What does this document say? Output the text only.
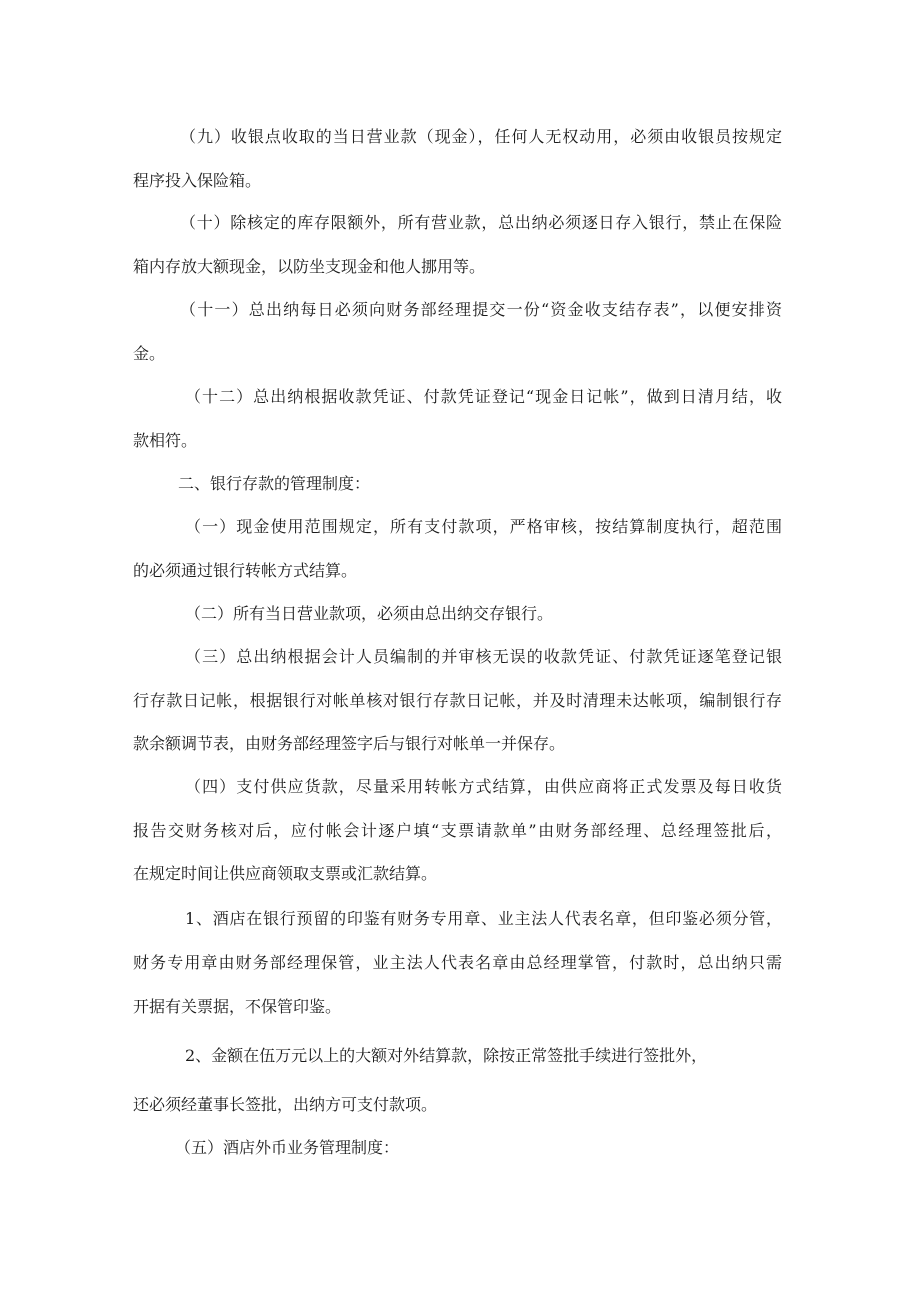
（九）收银点收取的当日营业款（现金），任何人无权动用，必须由收银员按规定
程序投入保险箱。
（十）除核定的库存限额外，所有营业款，总出纳必须逐日存入银行，禁止在保险
箱内存放大额现金，以防坐支现金和他人挪用等。
（十一）总出纳每日必须向财务部经理提交一份“资金收支结存表”，以便安排资
金。
（十二）总出纳根据收款凭证、付款凭证登记“现金日记帐”，做到日清月结，收
款相符。
二、银行存款的管理制度：
（一）现金使用范围规定，所有支付款项，严格审核，按结算制度执行，超范围
的必须通过银行转帐方式结算。
（二）所有当日营业款项，必须由总出纳交存银行。
（三）总出纳根据会计人员编制的并审核无误的收款凭证、付款凭证逐笔登记银
行存款日记帐，根据银行对帐单核对银行存款日记帐，并及时清理未达帐项，编制银行存
款余额调节表，由财务部经理签字后与银行对帐单一并保存。
（四）支付供应货款，尽量采用转帐方式结算，由供应商将正式发票及每日收货
报告交财务核对后，应付帐会计逐户填“支票请款单”由财务部经理、总经理签批后，
在规定时间让供应商领取支票或汇款结算。
1、酒店在银行预留的印鉴有财务专用章、业主法人代表名章，但印鉴必须分管，
财务专用章由财务部经理保管，业主法人代表名章由总经理掌管，付款时，总出纳只需
开据有关票据，不保管印鉴。
2、金额在伍万元以上的大额对外结算款，除按正常签批手续进行签批外，
还必须经董事长签批，出纳方可支付款项。
（五）酒店外币业务管理制度：
